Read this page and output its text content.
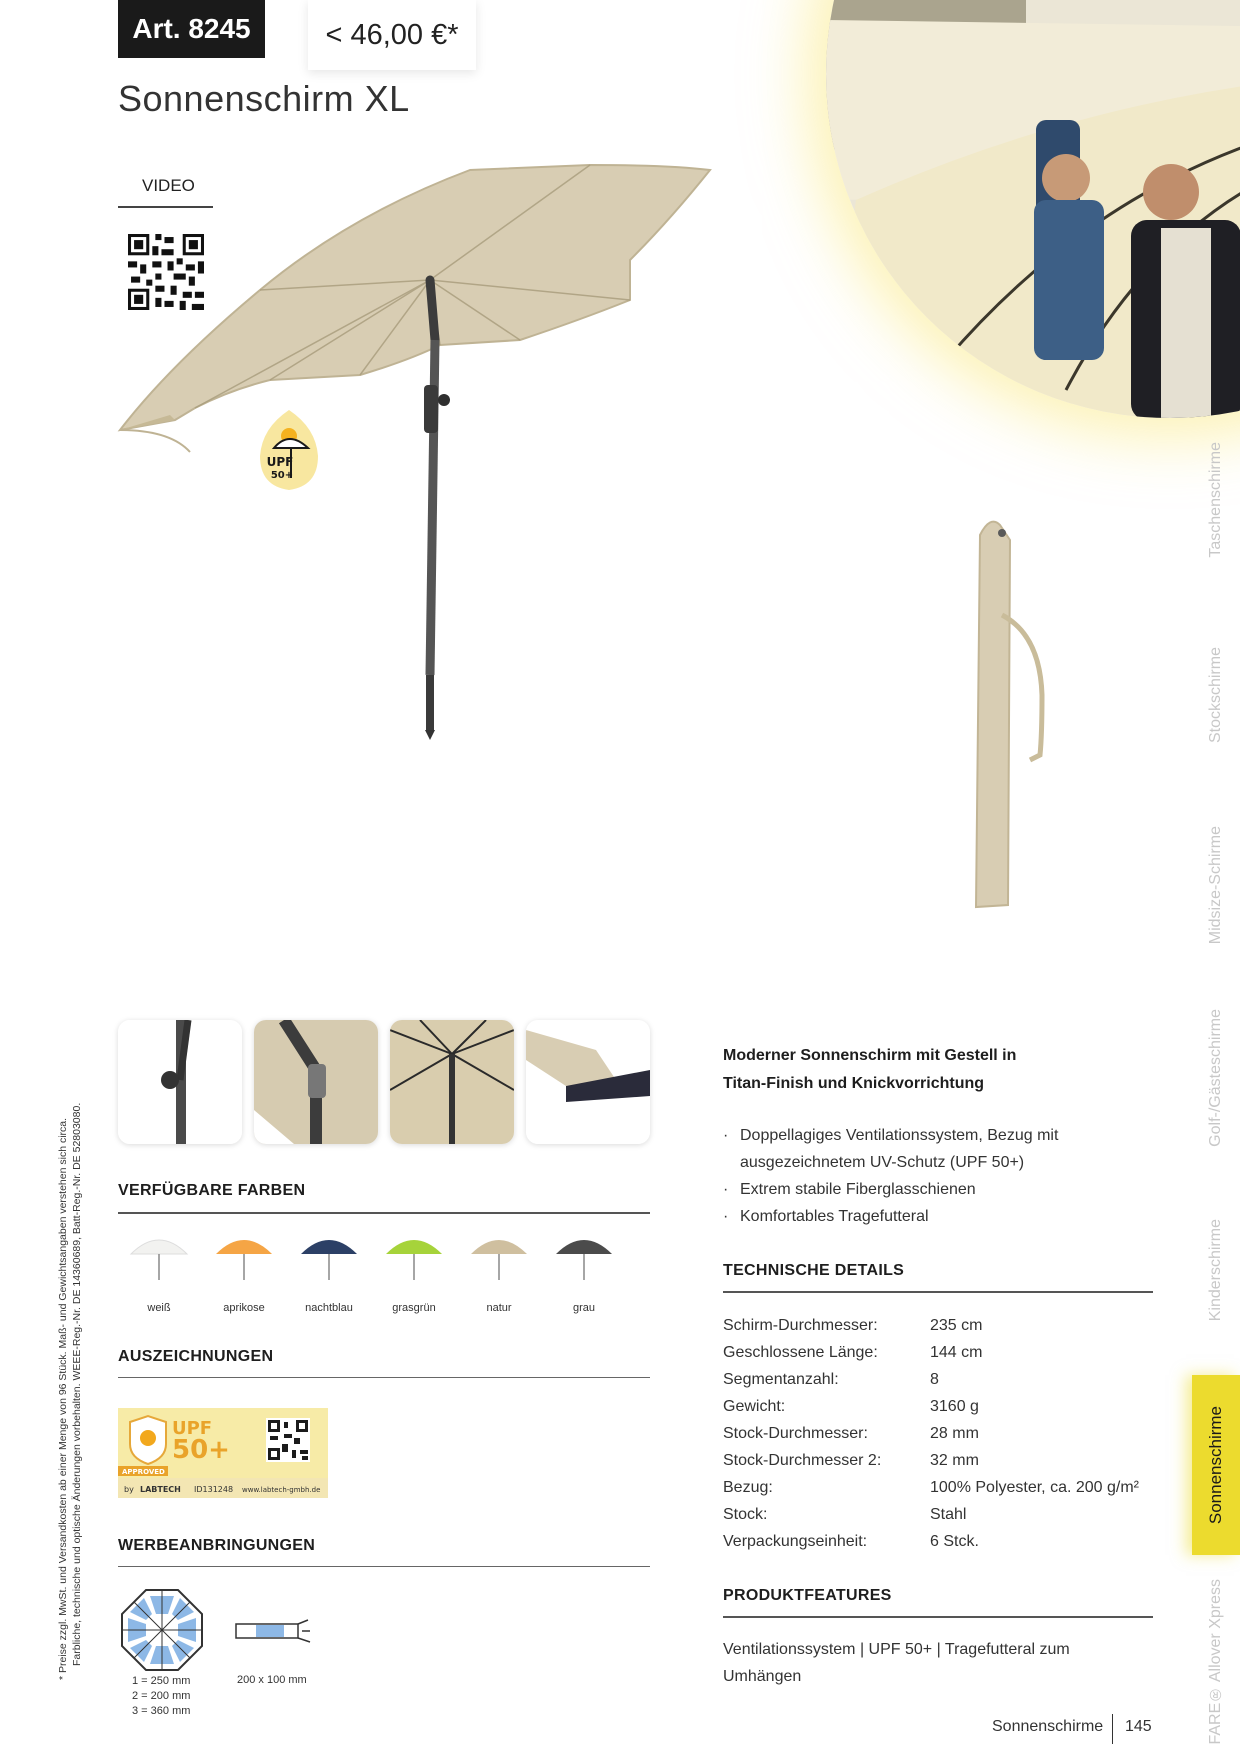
Art. 8245	< 46,00 €*
Sonnenschirm XL
VIDEO
UPF
50+	Taschenschirme
Stockschirme
Midsize-Schirme
Golf-/Gästeschirme
Kinderschirme
Sonnenschirme
FARE® Allover Xpress
* Preise zzgl. MwSt. und Versandkosten ab einer Menge von 96 Stück. Maß- und Gewichtsangaben verstehen sich circa. Farbliche, technische und optische Änderungen vorbehalten. WEEE-Reg.-Nr. DE 14360689, Batt-Reg.-Nr. DE 52803080. VERFÜGBARE FARBEN
weiß	aprikose	nachtblau	grasgrün	natur	grau
AUSZEICHNUNGEN
UPF
50+
APPROVED
by LABTECH ID131248 www.labtech-gmbh.de
WERBEANBRINGUNGEN
1 = 250 mm
2 = 200 mm
3 = 360 mm
200 x 100 mm
Moderner Sonnenschirm mit Gestell in
Titan-Finish und Knickvorrichtung
· Doppellagiges Ventilationssystem, Bezug mit ausgezeichnetem UV-Schutz (UPF 50+)
· Extrem stabile Fiberglasschienen
· Komfortables Tragefutteral
TECHNISCHE DETAILS
Schirm-Durchmesser:	235 cm
Geschlossene Länge:	144 cm
Segmentanzahl:	8
Gewicht:	3160 g
Stock-Durchmesser:	28 mm
Stock-Durchmesser 2:	32 mm
Bezug:	100% Polyester, ca. 200 g/m²
Stock:	Stahl
Verpackungseinheit:	6 Stck.
PRODUKTFEATURES
Ventilationssystem | UPF 50+ | Tragefutteral zum
Umhängen
Sonnenschirme 145
